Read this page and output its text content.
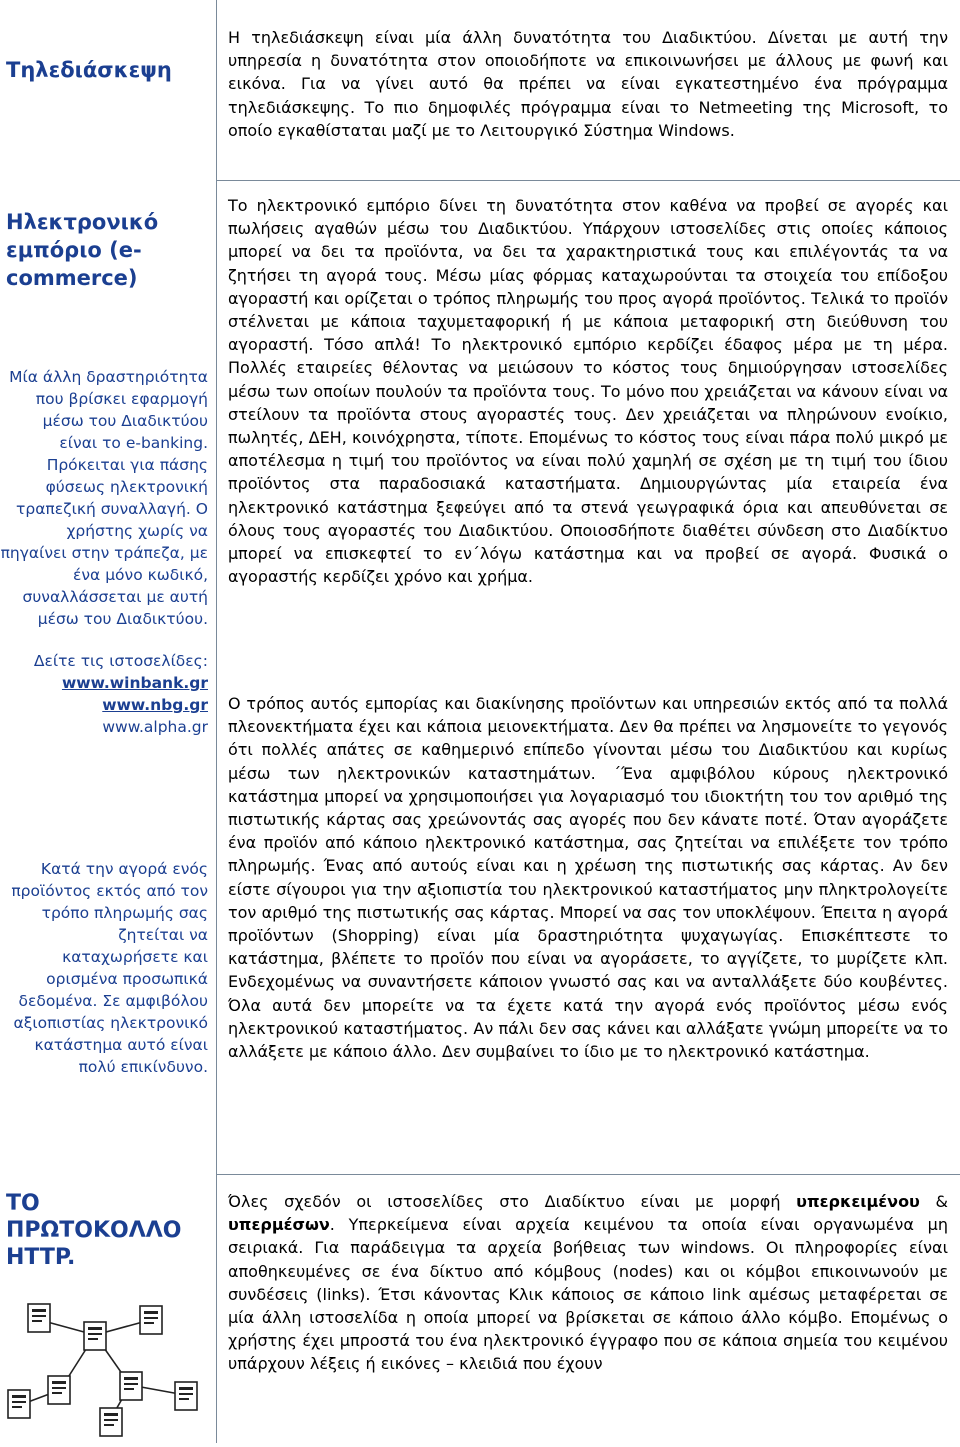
Τηλεδιάσκεψη
Ηλεκτρονικό εμπόριο (e-commerce)

Μία άλλη δραστηριότητα που βρίσκει εφαρμογή μέσω του Διαδικτύου είναι το e-banking. Πρόκειται για πάσης φύσεως ηλεκτρονική τραπεζική συναλλαγή. Ο χρήστης χωρίς να πηγαίνει στην τράπεζα, με ένα μόνο κωδικό, συναλλάσσεται με αυτή μέσω του Διαδικτύου.

Δείτε τις ιστοσελίδες:

www.winbank.gr
www.nbg.gr
www.alpha.gr

Κατά την αγορά ενός προϊόντος εκτός από τον τρόπο πληρωμής σας ζητείται να καταχωρήσετε και ορισμένα προσωπικά δεδομένα. Σε αμφιβόλου αξιοπιστίας ηλεκτρονικό κατάστημα αυτό είναι πολύ επικίνδυνο.

ΤΟ ΠΡΩΤΟΚΟΛΛΟ HTTP.

Η τηλεδιάσκεψη είναι μία άλλη δυνατότητα του Διαδικτύου. Δίνεται με αυτή την υπηρεσία η δυνατότητα στον οποιοδήποτε να επικοινωνήσει με άλλους με φωνή και εικόνα. Για να γίνει αυτό θα πρέπει να είναι εγκατεστημένο ένα πρόγραμμα τηλεδιάσκεψης. Το πιο δημοφιλές πρόγραμμα είναι το Netmeeting της Microsoft, το οποίο εγκαθίσταται μαζί με το Λειτουργικό Σύστημα Windows.

Το ηλεκτρονικό εμπόριο δίνει τη δυνατότητα στον καθένα να προβεί σε αγορές και πωλήσεις αγαθών μέσω του Διαδικτύου. Υπάρχουν ιστοσελίδες στις οποίες κάποιος μπορεί να δει τα προϊόντα, να δει τα χαρακτηριστικά τους και επιλέγοντάς τα να ζητήσει τη αγορά τους. Μέσω μίας φόρμας καταχωρούνται τα στοιχεία του επίδοξου αγοραστή και ορίζεται ο τρόπος πληρωμής του προς αγορά προϊόντος. Τελικά το προϊόν στέλνεται με κάποια ταχυμεταφορική ή με κάποια μεταφορική στη διεύθυνση του αγοραστή. Τόσο απλά! Το ηλεκτρονικό εμπόριο κερδίζει έδαφος μέρα με τη μέρα. Πολλές εταιρείες θέλοντας να μειώσουν το κόστος τους δημιούργησαν ιστοσελίδες μέσω των οποίων πουλούν τα προϊόντα τους. Το μόνο που χρειάζεται να κάνουν είναι να στείλουν τα προϊόντα στους αγοραστές τους. Δεν χρειάζεται να πληρώνουν ενοίκιο, πωλητές, ΔΕΗ, κοινόχρηστα, τίποτε. Επομένως το κόστος τους είναι πάρα πολύ μικρό με αποτέλεσμα η τιμή του προϊόντος να είναι πολύ χαμηλή σε σχέση με τη τιμή του ίδιου προϊόντος στα παραδοσιακά καταστήματα. Δημιουργώντας μία εταιρεία ένα ηλεκτρονικό κατάστημα ξεφεύγει από τα στενά γεωγραφικά όρια και απευθύνεται σε όλους τους αγοραστές του Διαδικτύου. Οποιοσδήποτε διαθέτει σύνδεση στο Διαδίκτυο μπορεί να επισκεφτεί το εν΄λόγω κατάστημα και να προβεί σε αγορά. Φυσικά ο αγοραστής κερδίζει χρόνο και χρήμα.

Ο τρόπος αυτός εμπορίας και διακίνησης προϊόντων και υπηρεσιών εκτός από τα πολλά πλεονεκτήματα έχει και κάποια μειονεκτήματα. Δεν θα πρέπει να λησμονείτε το γεγονός ότι πολλές απάτες σε καθημερινό επίπεδο γίνονται μέσω του Διαδικτύου και κυρίως μέσω των ηλεκτρονικών καταστημάτων. ΄Ένα αμφιβόλου κύρους ηλεκτρονικό κατάστημα μπορεί να χρησιμοποιήσει για λογαριασμό του ιδιοκτήτη του τον αριθμό της πιστωτικής κάρτας σας χρεώνοντάς σας αγορές που δεν κάνατε ποτέ. Όταν αγοράζετε ένα προϊόν από κάποιο ηλεκτρονικό κατάστημα, σας ζητείται να επιλέξετε τον τρόπο πληρωμής. Ένας από αυτούς είναι και η χρέωση της πιστωτικής σας κάρτας. Αν δεν είστε σίγουροι για την αξιοπιστία του ηλεκτρονικού καταστήματος μην πληκτρολογείτε τον αριθμό της πιστωτικής σας κάρτας. Μπορεί να σας τον υποκλέψουν. Έπειτα η αγορά προϊόντων (Shopping) είναι μία δραστηριότητα ψυχαγωγίας. Επισκέπτεστε το κατάστημα, βλέπετε το προϊόν που είναι να αγοράσετε, το αγγίζετε, το μυρίζετε κλπ. Ενδεχομένως να συναντήσετε κάποιον γνωστό σας και να ανταλλάξετε δύο κουβέντες. Όλα αυτά δεν μπορείτε να τα έχετε κατά την αγορά ενός προϊόντος μέσω ενός ηλεκτρονικού καταστήματος. Αν πάλι δεν σας κάνει και αλλάξατε γνώμη μπορείτε να το αλλάξετε με κάποιο άλλο. Δεν συμβαίνει το ίδιο με το ηλεκτρονικό κατάστημα.

Όλες σχεδόν οι ιστοσελίδες στο Διαδίκτυο είναι με μορφή υπερκειμένου & υπερμέσων. Υπερκείμενα είναι αρχεία κειμένου τα οποία είναι οργανωμένα μη σειριακά. Για παράδειγμα τα αρχεία βοήθειας των windows. Οι πληροφορίες είναι αποθηκευμένες σε ένα δίκτυο από κόμβους (nodes) και οι κόμβοι επικοινωνούν με συνδέσεις (links). Έτσι κάνοντας Κλικ κάποιος σε κάποιο link αμέσως μεταφέρεται σε μία άλλη ιστοσελίδα η οποία μπορεί να βρίσκεται σε κάποιο άλλο κόμβο. Επομένως ο χρήστης έχει μπροστά του ένα ηλεκτρονικό έγγραφο που σε κάποια σημεία του κειμένου υπάρχουν λέξεις ή εικόνες – κλειδιά που έχουν
